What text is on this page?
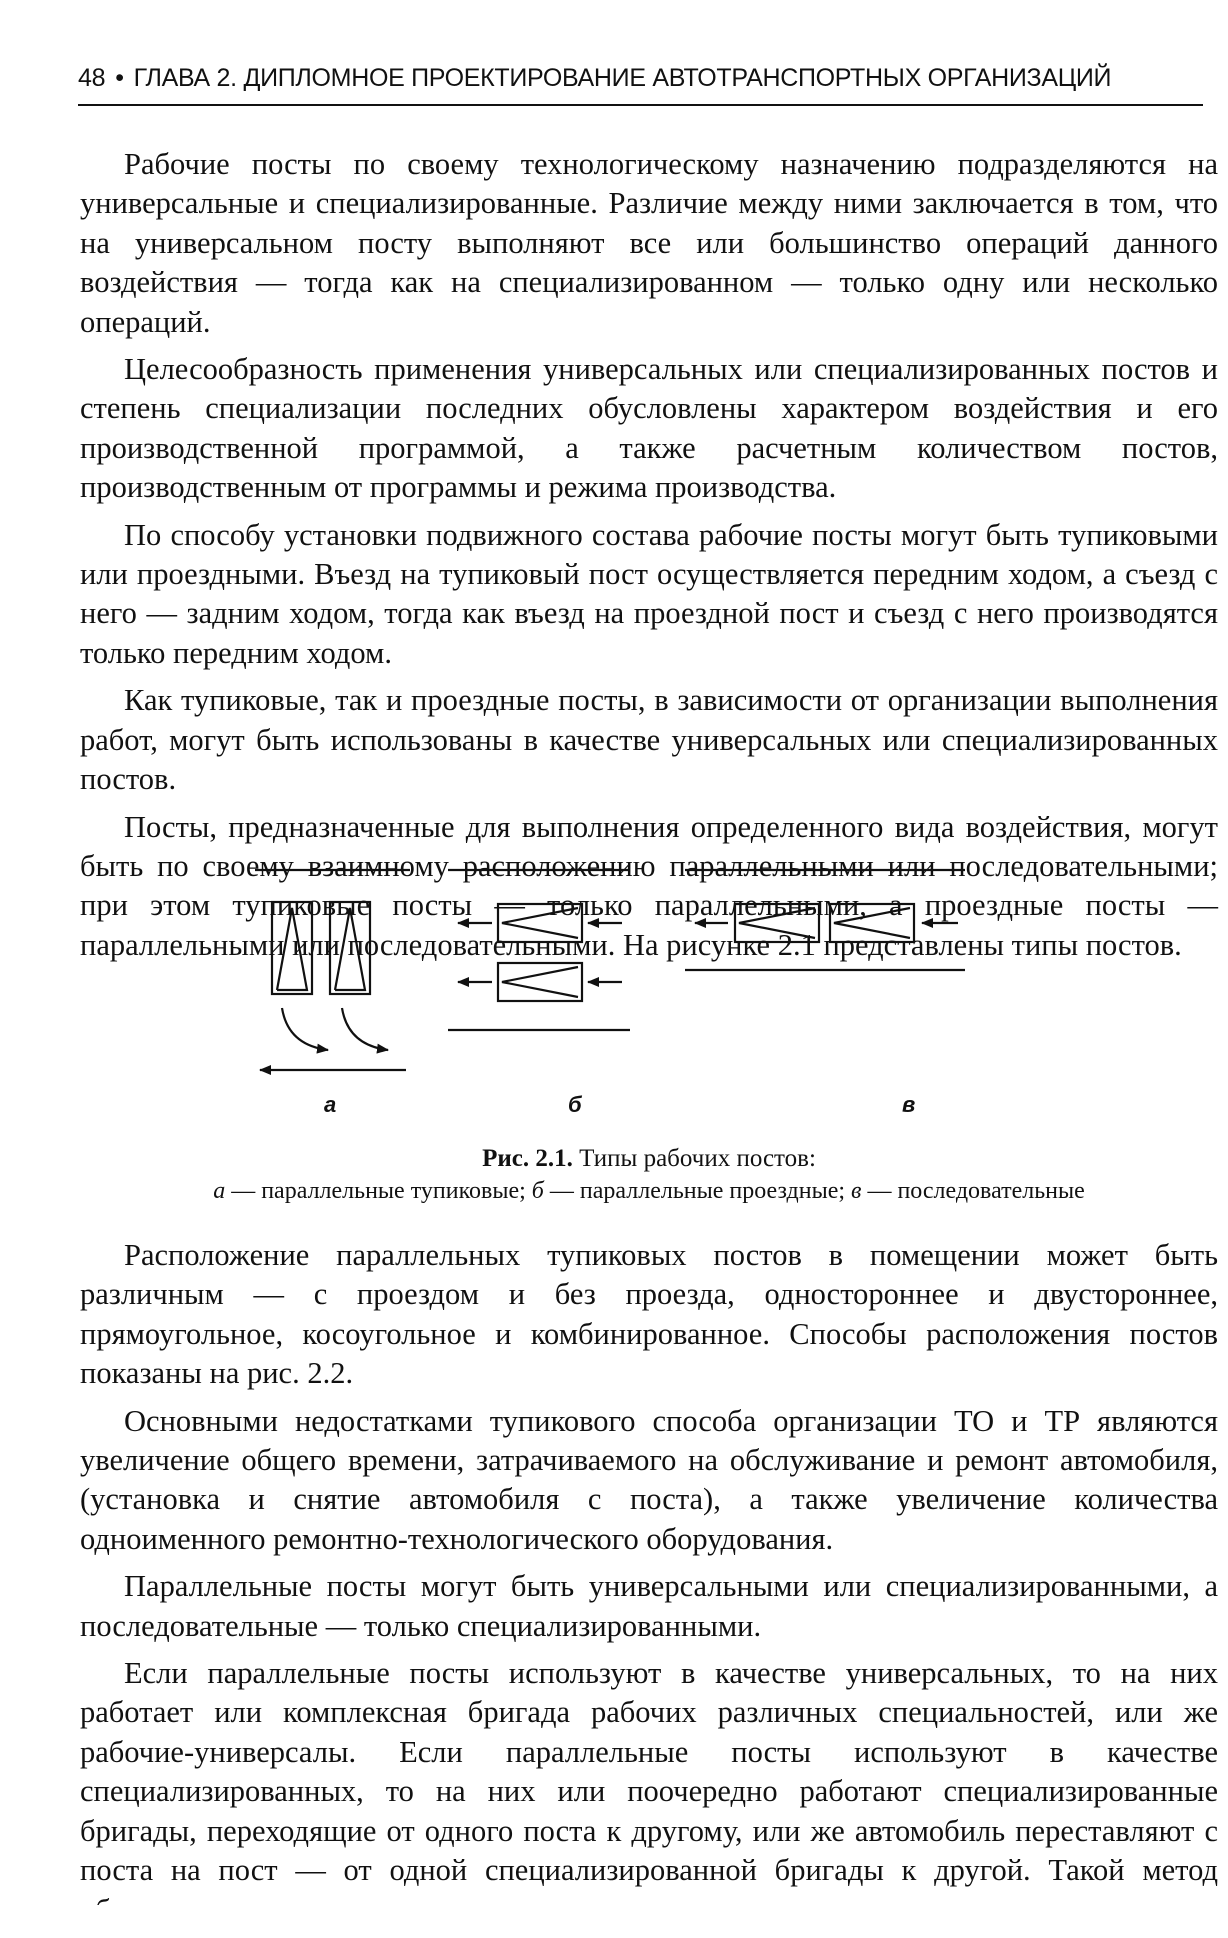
48 • ГЛАВА 2. ДИПЛОМНОЕ ПРОЕКТИРОВАНИЕ АВТОТРАНСПОРТНЫХ ОРГАНИЗАЦИЙ

Рабочие посты по своему технологическому назначению подразделяются на универсальные и специализированные. Различие между ними заключается в том, что на универсальном посту выполняют все или большинство операций данного воздействия — тогда как на специализированном — только одну или несколько операций.

Целесообразность применения универсальных или специализированных постов и степень специализации последних обусловлены характером воздействия и его производственной программой, а также расчетным количеством постов, производственным от программы и режима производства.

По способу установки подвижного состава рабочие посты могут быть тупиковыми или проездными. Въезд на тупиковый пост осуществляется передним ходом, а съезд с него — задним ходом, тогда как въезд на проездной пост и съезд с него производятся только передним ходом.

Как тупиковые, так и проездные посты, в зависимости от организации выполнения работ, могут быть использованы в качестве универсальных или специализированных постов.

Посты, предназначенные для выполнения определенного вида воздействия, могут быть по своему взаимному расположению параллельными или последовательными; при этом тупиковые посты — только параллельными, а проездные посты — параллельными или последовательными. На рисунке 2.1 представлены типы постов.

а	б	в
Рис. 2.1. Типы рабочих постов:
а — параллельные тупиковые; б — параллельные проездные; в — последовательные

Расположение параллельных тупиковых постов в помещении может быть различным — с проездом и без проезда, одностороннее и двустороннее, прямоугольное, косоугольное и комбинированное. Способы расположения постов показаны на рис. 2.2.

Основными недостатками тупикового способа организации ТО и ТР являются увеличение общего времени, затрачиваемого на обслуживание и ремонт автомобиля, (установка и снятие автомобиля с поста), а также увеличение количества одноименного ремонтно-технологического оборудования.

Параллельные посты могут быть универсальными или специализированными, а последовательные — только специализированными.

Если параллельные посты используют в качестве универсальных, то на них работает или комплексная бригада рабочих различных специальностей, или же рабочие-универсалы. Если параллельные посты используют в качестве специализированных, то на них или поочередно работают специализированные бригады, переходящие от одного поста к другому, или же автомобиль переставляют с поста на пост — от одной специализированной бригады к другой. Такой метод
